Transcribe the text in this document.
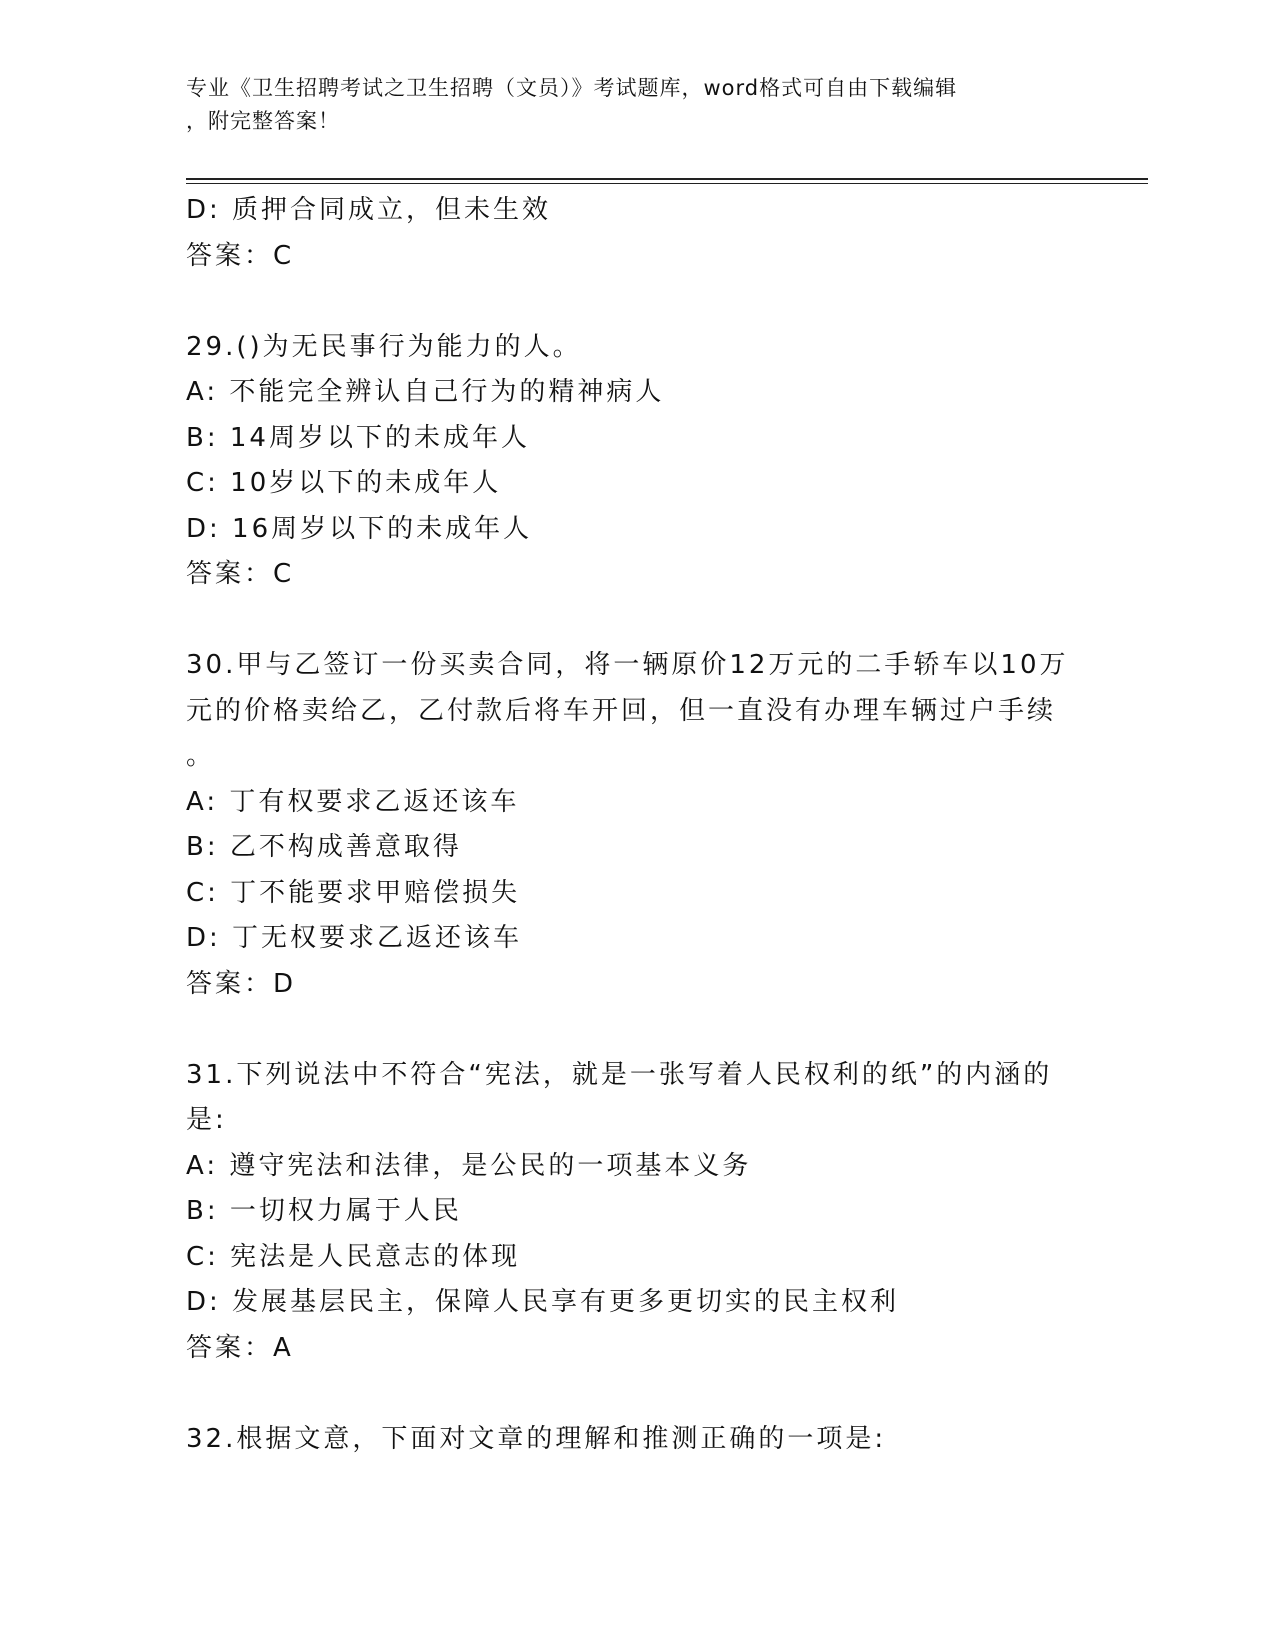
专业《卫生招聘考试之卫生招聘（文员）》考试题库，word格式可自由下载编辑
，附完整答案！
D: 质押合同成立，但未生效
答案：C
29.()为无民事行为能力的人。
A: 不能完全辨认自己行为的精神病人
B: 14周岁以下的未成年人
C: 10岁以下的未成年人
D: 16周岁以下的未成年人
答案：C
30.甲与乙签订一份买卖合同，将一辆原价12万元的二手轿车以10万
元的价格卖给乙，乙付款后将车开回，但一直没有办理车辆过户手续
。
A: 丁有权要求乙返还该车
B: 乙不构成善意取得
C: 丁不能要求甲赔偿损失
D: 丁无权要求乙返还该车
答案：D
31.下列说法中不符合“宪法，就是一张写着人民权利的纸”的内涵的
是:
A: 遵守宪法和法律，是公民的一项基本义务
B: 一切权力属于人民
C: 宪法是人民意志的体现
D: 发展基层民主，保障人民享有更多更切实的民主权利
答案：A
32.根据文意，下面对文章的理解和推测正确的一项是:
